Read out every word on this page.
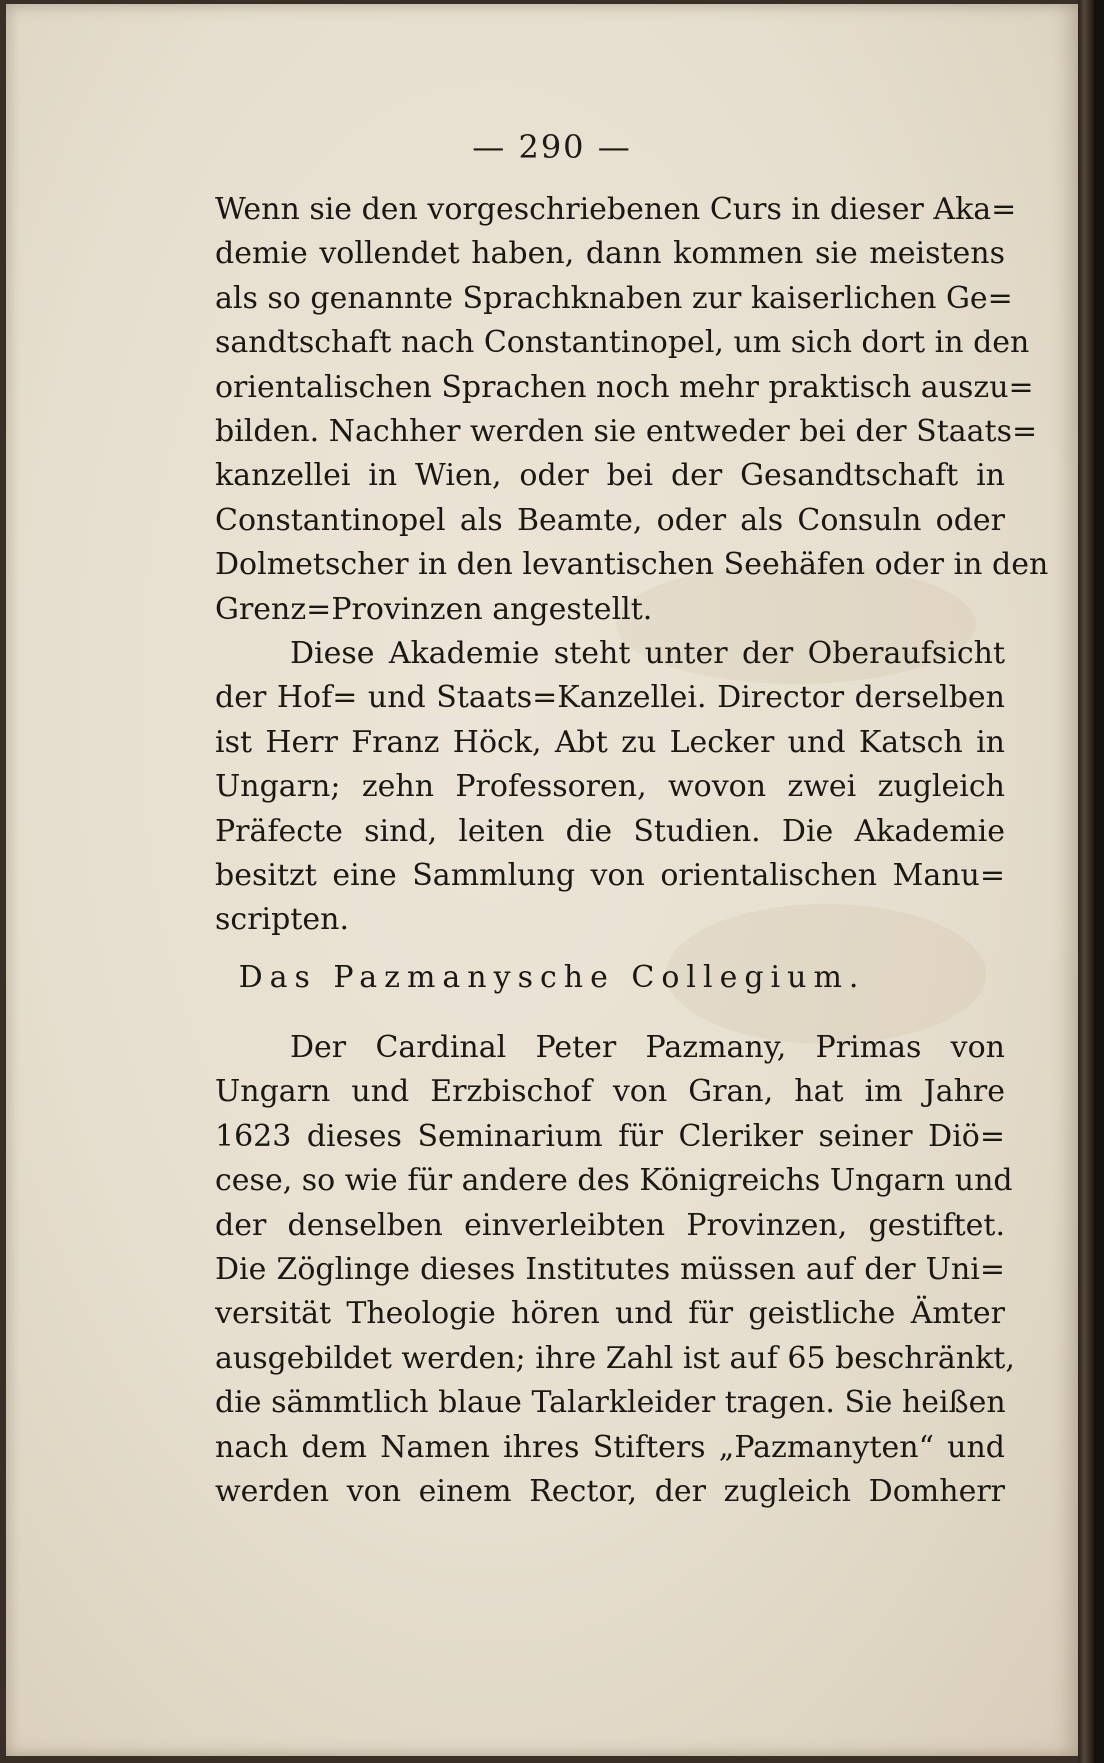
— 290 —
Wenn sie den vorgeschriebenen Curs in dieser Aka=
demie vollendet haben, dann kommen sie meistens
als so genannte Sprachknaben zur kaiserlichen Ge=
sandtschaft nach Constantinopel, um sich dort in den
orientalischen Sprachen noch mehr praktisch auszu=
bilden. Nachher werden sie entweder bei der Staats=
kanzellei in Wien, oder bei der Gesandtschaft in
Constantinopel als Beamte, oder als Consuln oder
Dolmetscher in den levantischen Seehäfen oder in den
Grenz=Provinzen angestellt.
Diese Akademie steht unter der Oberaufsicht
der Hof= und Staats=Kanzellei. Director derselben
ist Herr Franz Höck, Abt zu Lecker und Katsch in
Ungarn; zehn Professoren, wovon zwei zugleich
Präfecte sind, leiten die Studien. Die Akademie
besitzt eine Sammlung von orientalischen Manu=
scripten.
Das Pazmanysche Collegium.
Der Cardinal Peter Pazmany, Primas von
Ungarn und Erzbischof von Gran, hat im Jahre
1623 dieses Seminarium für Cleriker seiner Diö=
cese, so wie für andere des Königreichs Ungarn und
der denselben einverleibten Provinzen, gestiftet.
Die Zöglinge dieses Institutes müssen auf der Uni=
versität Theologie hören und für geistliche Ämter
ausgebildet werden; ihre Zahl ist auf 65 beschränkt,
die sämmtlich blaue Talarkleider tragen. Sie heißen
nach dem Namen ihres Stifters „Pazmanyten“ und
werden von einem Rector, der zugleich Domherr
